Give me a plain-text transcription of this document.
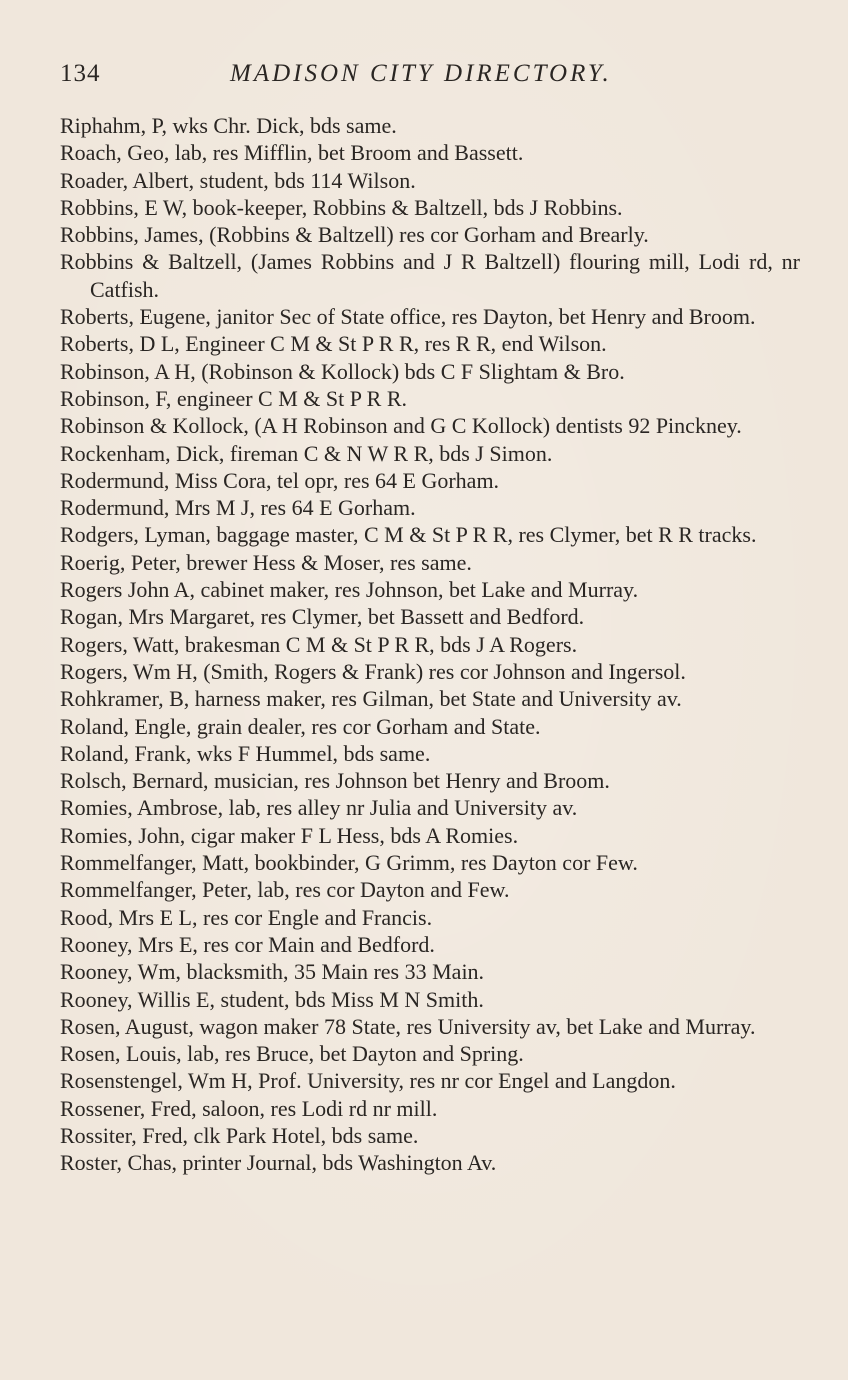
134	MADISON CITY DIRECTORY.
Riphahm, P, wks Chr. Dick, bds same.
Roach, Geo, lab, res Mifflin, bet Broom and Bassett.
Roader, Albert, student, bds 114 Wilson.
Robbins, E W, book-keeper, Robbins & Baltzell, bds J Robbins.
Robbins, James, (Robbins & Baltzell) res cor Gorham and Brearly.
Robbins & Baltzell, (James Robbins and J R Baltzell) flouring mill, Lodi rd, nr Catfish.
Roberts, Eugene, janitor Sec of State office, res Dayton, bet Henry and Broom.
Roberts, D L, Engineer C M & St P R R, res R R, end Wilson.
Robinson, A H, (Robinson & Kollock) bds C F Slightam & Bro.
Robinson, F, engineer C M & St P R R.
Robinson & Kollock, (A H Robinson and G C Kollock) dentists 92 Pinckney.
Rockenham, Dick, fireman C & N W R R, bds J Simon.
Rodermund, Miss Cora, tel opr, res 64 E Gorham.
Rodermund, Mrs M J, res 64 E Gorham.
Rodgers, Lyman, baggage master, C M & St P R R, res Clymer, bet R R tracks.
Roerig, Peter, brewer Hess & Moser, res same.
Rogers John A, cabinet maker, res Johnson, bet Lake and Murray.
Rogan, Mrs Margaret, res Clymer, bet Bassett and Bedford.
Rogers, Watt, brakesman C M & St P R R, bds J A Rogers.
Rogers, Wm H, (Smith, Rogers & Frank) res cor Johnson and Ingersol.
Rohkramer, B, harness maker, res Gilman, bet State and University av.
Roland, Engle, grain dealer, res cor Gorham and State.
Roland, Frank, wks F Hummel, bds same.
Rolsch, Bernard, musician, res Johnson bet Henry and Broom.
Romies, Ambrose, lab, res alley nr Julia and University av.
Romies, John, cigar maker F L Hess, bds A Romies.
Rommelfanger, Matt, bookbinder, G Grimm, res Dayton cor Few.
Rommelfanger, Peter, lab, res cor Dayton and Few.
Rood, Mrs E L, res cor Engle and Francis.
Rooney, Mrs E, res cor Main and Bedford.
Rooney, Wm, blacksmith, 35 Main res 33 Main.
Rooney, Willis E, student, bds Miss M N Smith.
Rosen, August, wagon maker 78 State, res University av, bet Lake and Murray.
Rosen, Louis, lab, res Bruce, bet Dayton and Spring.
Rosenstengel, Wm H, Prof. University, res nr cor Engel and Langdon.
Rossener, Fred, saloon, res Lodi rd nr mill.
Rossiter, Fred, clk Park Hotel, bds same.
Roster, Chas, printer Journal, bds Washington Av.
